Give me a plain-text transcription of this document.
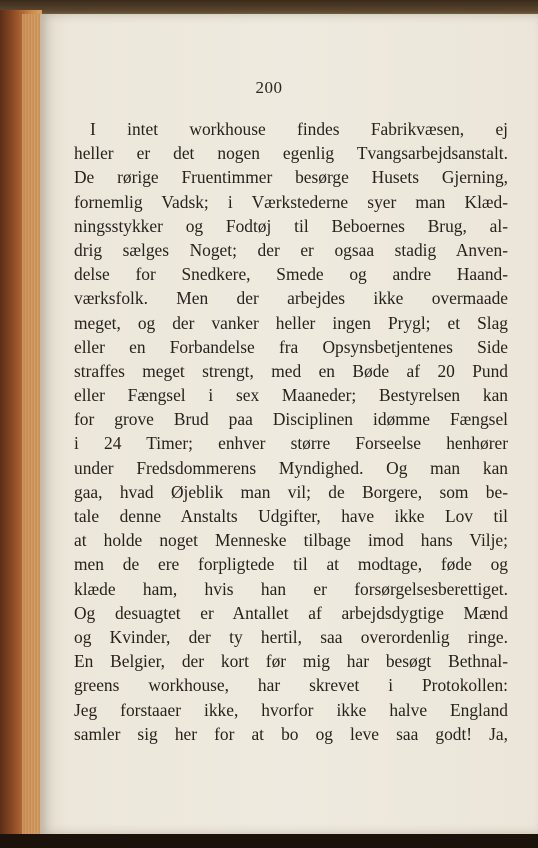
200
I intet workhouse findes Fabrikvæsen, ej
heller er det nogen egenlig Tvangsarbejdsanstalt.
De rørige Fruentimmer besørge Husets Gjerning,
fornemlig Vadsk; i Værkstederne syer man Klæd-
ningsstykker og Fodtøj til Beboernes Brug, al-
drig sælges Noget; der er ogsaa stadig Anven-
delse for Snedkere, Smede og andre Haand-
værksfolk. Men der arbejdes ikke overmaade
meget, og der vanker heller ingen Prygl; et Slag
eller en Forbandelse fra Opsynsbetjentenes Side
straffes meget strengt, med en Bøde af 20 Pund
eller Fængsel i sex Maaneder; Bestyrelsen kan
for grove Brud paa Disciplinen idømme Fængsel
i 24 Timer; enhver større Forseelse henhører
under Fredsdommerens Myndighed. Og man kan
gaa, hvad Øjeblik man vil; de Borgere, som be-
tale denne Anstalts Udgifter, have ikke Lov til
at holde noget Menneske tilbage imod hans Vilje;
men de ere forpligtede til at modtage, føde og
klæde ham, hvis han er forsørgelsesberettiget.
Og desuagtet er Antallet af arbejdsdygtige Mænd
og Kvinder, der ty hertil, saa overordenlig ringe.
En Belgier, der kort før mig har besøgt Bethnal-
greens workhouse, har skrevet i Protokollen:
Jeg forstaaer ikke, hvorfor ikke halve England
samler sig her for at bo og leve saa godt! Ja,
